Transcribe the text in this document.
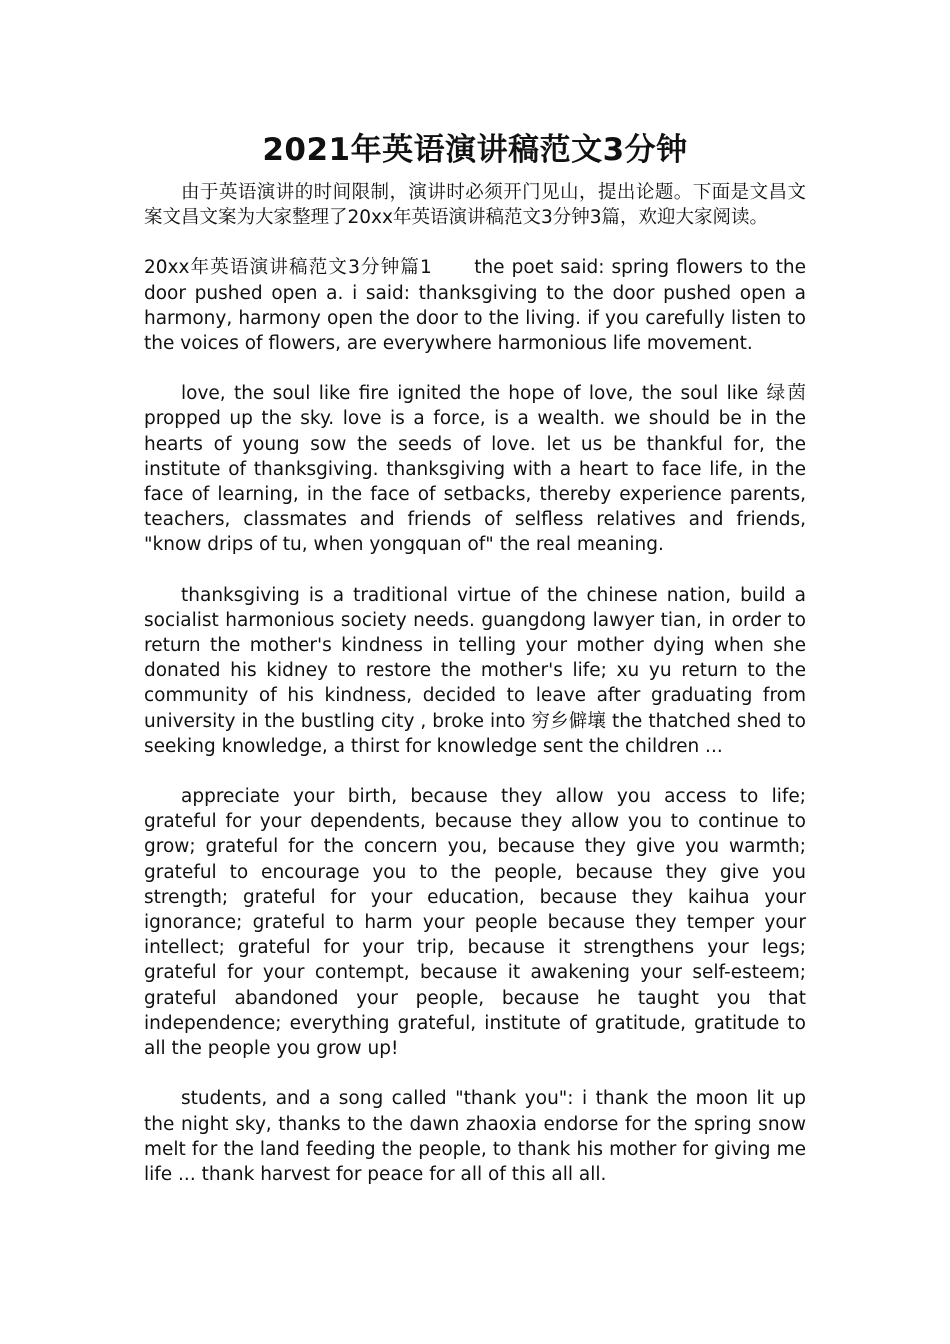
2021年英语演讲稿范文3分钟

由于英语演讲的时间限制，演讲时必须开门见山，提出论题。下面是文昌文案文昌文案为大家整理了20xx年英语演讲稿范文3分钟3篇，欢迎大家阅读。

20xx年英语演讲稿范文3分钟篇1 the poet said: spring flowers to the door pushed open a. i said: thanksgiving to the door pushed open a harmony, harmony open the door to the living. if you carefully listen to the voices of flowers, are everywhere harmonious life movement.

love, the soul like fire ignited the hope of love, the soul like 绿茵 propped up the sky. love is a force, is a wealth. we should be in the hearts of young sow the seeds of love. let us be thankful for, the institute of thanksgiving. thanksgiving with a heart to face life, in the face of learning, in the face of setbacks, thereby experience parents, teachers, classmates and friends of selfless relatives and friends, "know drips of tu, when yongquan of" the real meaning.

thanksgiving is a traditional virtue of the chinese nation, build a socialist harmonious society needs. guangdong lawyer tian, in order to return the mother's kindness in telling your mother dying when she donated his kidney to restore the mother's life; xu yu return to the community of his kindness, decided to leave after graduating from university in the bustling city , broke into 穷乡僻壤 the thatched shed to seeking knowledge, a thirst for knowledge sent the children ...

appreciate your birth, because they allow you access to life; grateful for your dependents, because they allow you to continue to grow; grateful for the concern you, because they give you warmth; grateful to encourage you to the people, because they give you strength; grateful for your education, because they kaihua your ignorance; grateful to harm your people because they temper your intellect; grateful for your trip, because it strengthens your legs; grateful for your contempt, because it awakening your self-esteem; grateful abandoned your people, because he taught you that independence; everything grateful, institute of gratitude, gratitude to all the people you grow up!

students, and a song called "thank you": i thank the moon lit up the night sky, thanks to the dawn zhaoxia endorse for the spring snow melt for the land feeding the people, to thank his mother for giving me life ... thank harvest for peace for all of this all all.
